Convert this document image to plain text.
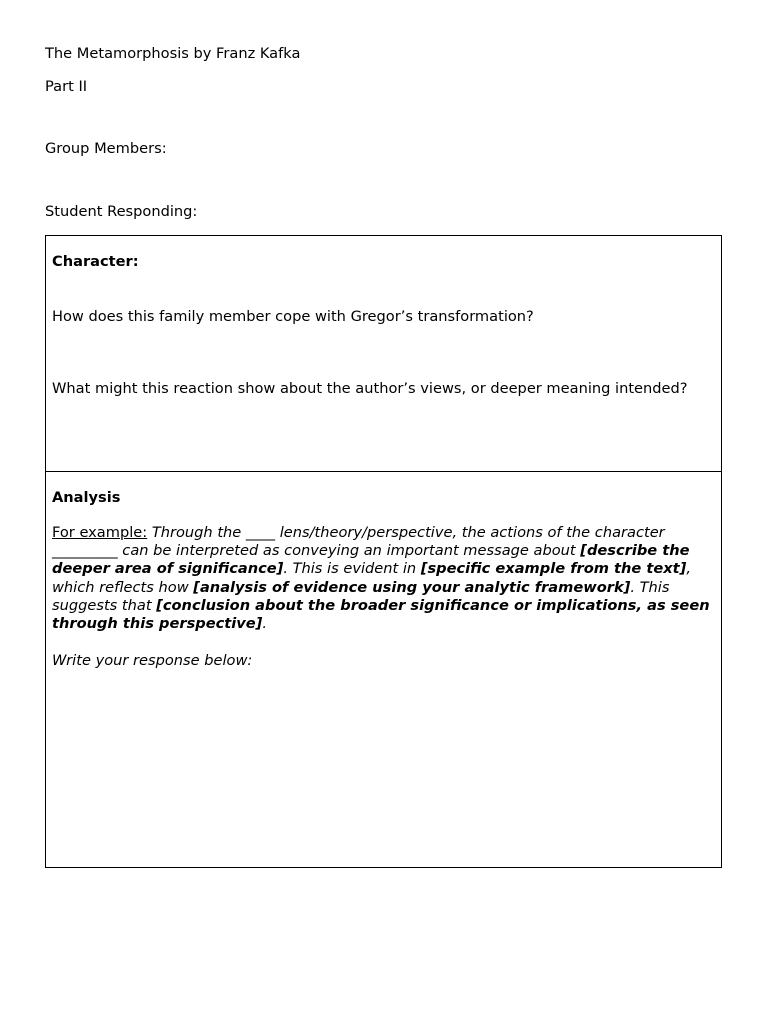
The Metamorphosis by Franz Kafka
Part II
Group Members:
Student Responding:
Character:
How does this family member cope with Gregor’s transformation?
What might this reaction show about the author’s views, or deeper meaning intended?
Analysis
For example: Through the ____ lens/theory/perspective, the actions of the character _________ can be interpreted as conveying an important message about [describe the deeper area of significance]. This is evident in [specific example from the text], which reflects how [analysis of evidence using your analytic framework]. This suggests that [conclusion about the broader significance or implications, as seen through this perspective].
Write your response below:
